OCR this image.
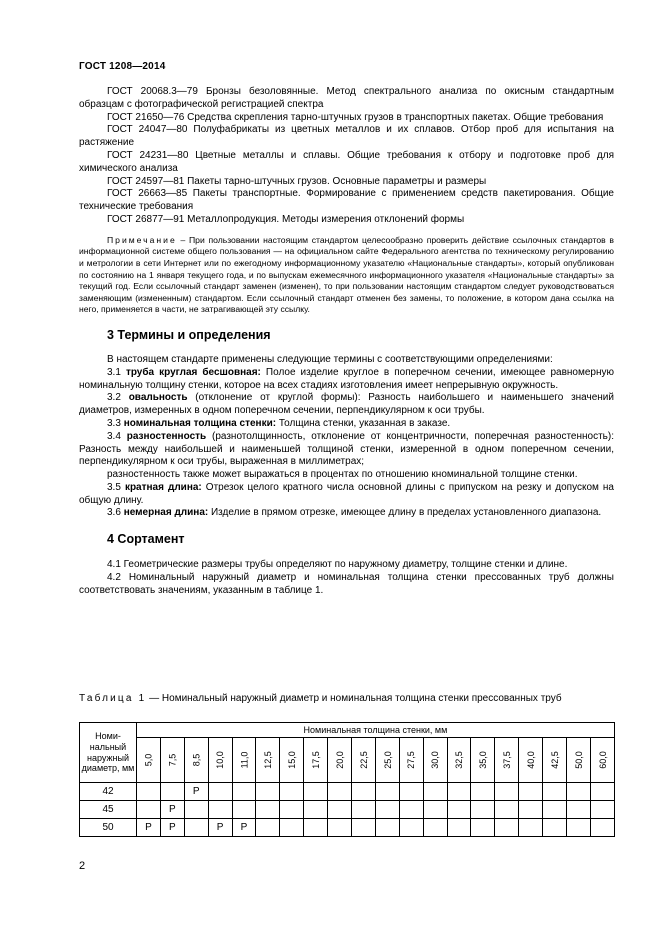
ГОСТ 1208—2014
ГОСТ 20068.3—79 Бронзы безоловянные. Метод спектрального анализа по окисным стандартным образцам с фотографической регистрацией спектра
ГОСТ 21650—76 Средства скрепления тарно-штучных грузов в транспортных пакетах. Общие требования
ГОСТ 24047—80 Полуфабрикаты из цветных металлов и их сплавов. Отбор проб для испытания на растяжение
ГОСТ 24231—80 Цветные металлы и сплавы. Общие требования к отбору и подготовке проб для химического анализа
ГОСТ 24597—81 Пакеты тарно-штучных грузов. Основные параметры и размеры
ГОСТ 26663—85 Пакеты транспортные. Формирование с применением средств пакетирования. Общие технические требования
ГОСТ 26877—91 Металлопродукция. Методы измерения отклонений формы
Примечание – При пользовании настоящим стандартом целесообразно проверить действие ссылочных стандартов в информационной системе общего пользования — на официальном сайте Федерального агентства по техническому регулированию и метрологии в сети Интернет или по ежегодному информационному указателю «Национальные стандарты», который опубликован по состоянию на 1 января текущего года, и по выпускам ежемесячного информационного указателя «Национальные стандарты» за текущий год. Если ссылочный стандарт заменен (изменен), то при пользовании настоящим стандартом следует руководствоваться заменяющим (измененным) стандартом. Если ссылочный стандарт отменен без замены, то положение, в котором дана ссылка на него, применяется в части, не затрагивающей эту ссылку.
3 Термины и определения
В настоящем стандарте применены следующие термины с соответствующими определениями:
3.1 труба круглая бесшовная: Полое изделие круглое в поперечном сечении, имеющее равномерную номинальную толщину стенки, которое на всех стадиях изготовления имеет непрерывную окружность.
3.2 овальность (отклонение от круглой формы): Разность наибольшего и наименьшего значений диаметров, измеренных в одном поперечном сечении, перпендикулярном к оси трубы.
3.3 номинальная толщина стенки: Толщина стенки, указанная в заказе.
3.4 разностенность (разнотолщинность, отклонение от концентричности, поперечная разностенность): Разность между наибольшей и наименьшей толщиной стенки, измеренной в одном поперечном сечении, перпендикулярном к оси трубы, выраженная в миллиметрах;
разностенность также может выражаться в процентах по отношению кноминальной толщине стенки.
3.5 кратная длина: Отрезок целого кратного числа основной длины с припуском на резку и допуском на общую длину.
3.6 немерная длина: Изделие в прямом отрезке, имеющее длину в пределах установленного диапазона.
4 Сортамент
4.1 Геометрические размеры трубы определяют по наружному диаметру, толщине стенки и длине.
4.2 Номинальный наружный диаметр и номинальная толщина стенки прессованных труб должны соответствовать значениям, указанным в таблице 1.
Таблица 1 — Номинальный наружный диаметр и номинальная толщина стенки прессованных труб
Номинальный наружный диаметр, мм	Номинальная толщина стенки, мм																			
	5,0	7,5	8,5	10,0	11,0	12,5	15,0	17,5	20,0	22,5	25,0	27,5	30,0	32,5	35,0	37,5	40,0	42,5	50,0	60,0
42			Р																	
45		Р																		
50	Р	Р		Р	Р															
2
